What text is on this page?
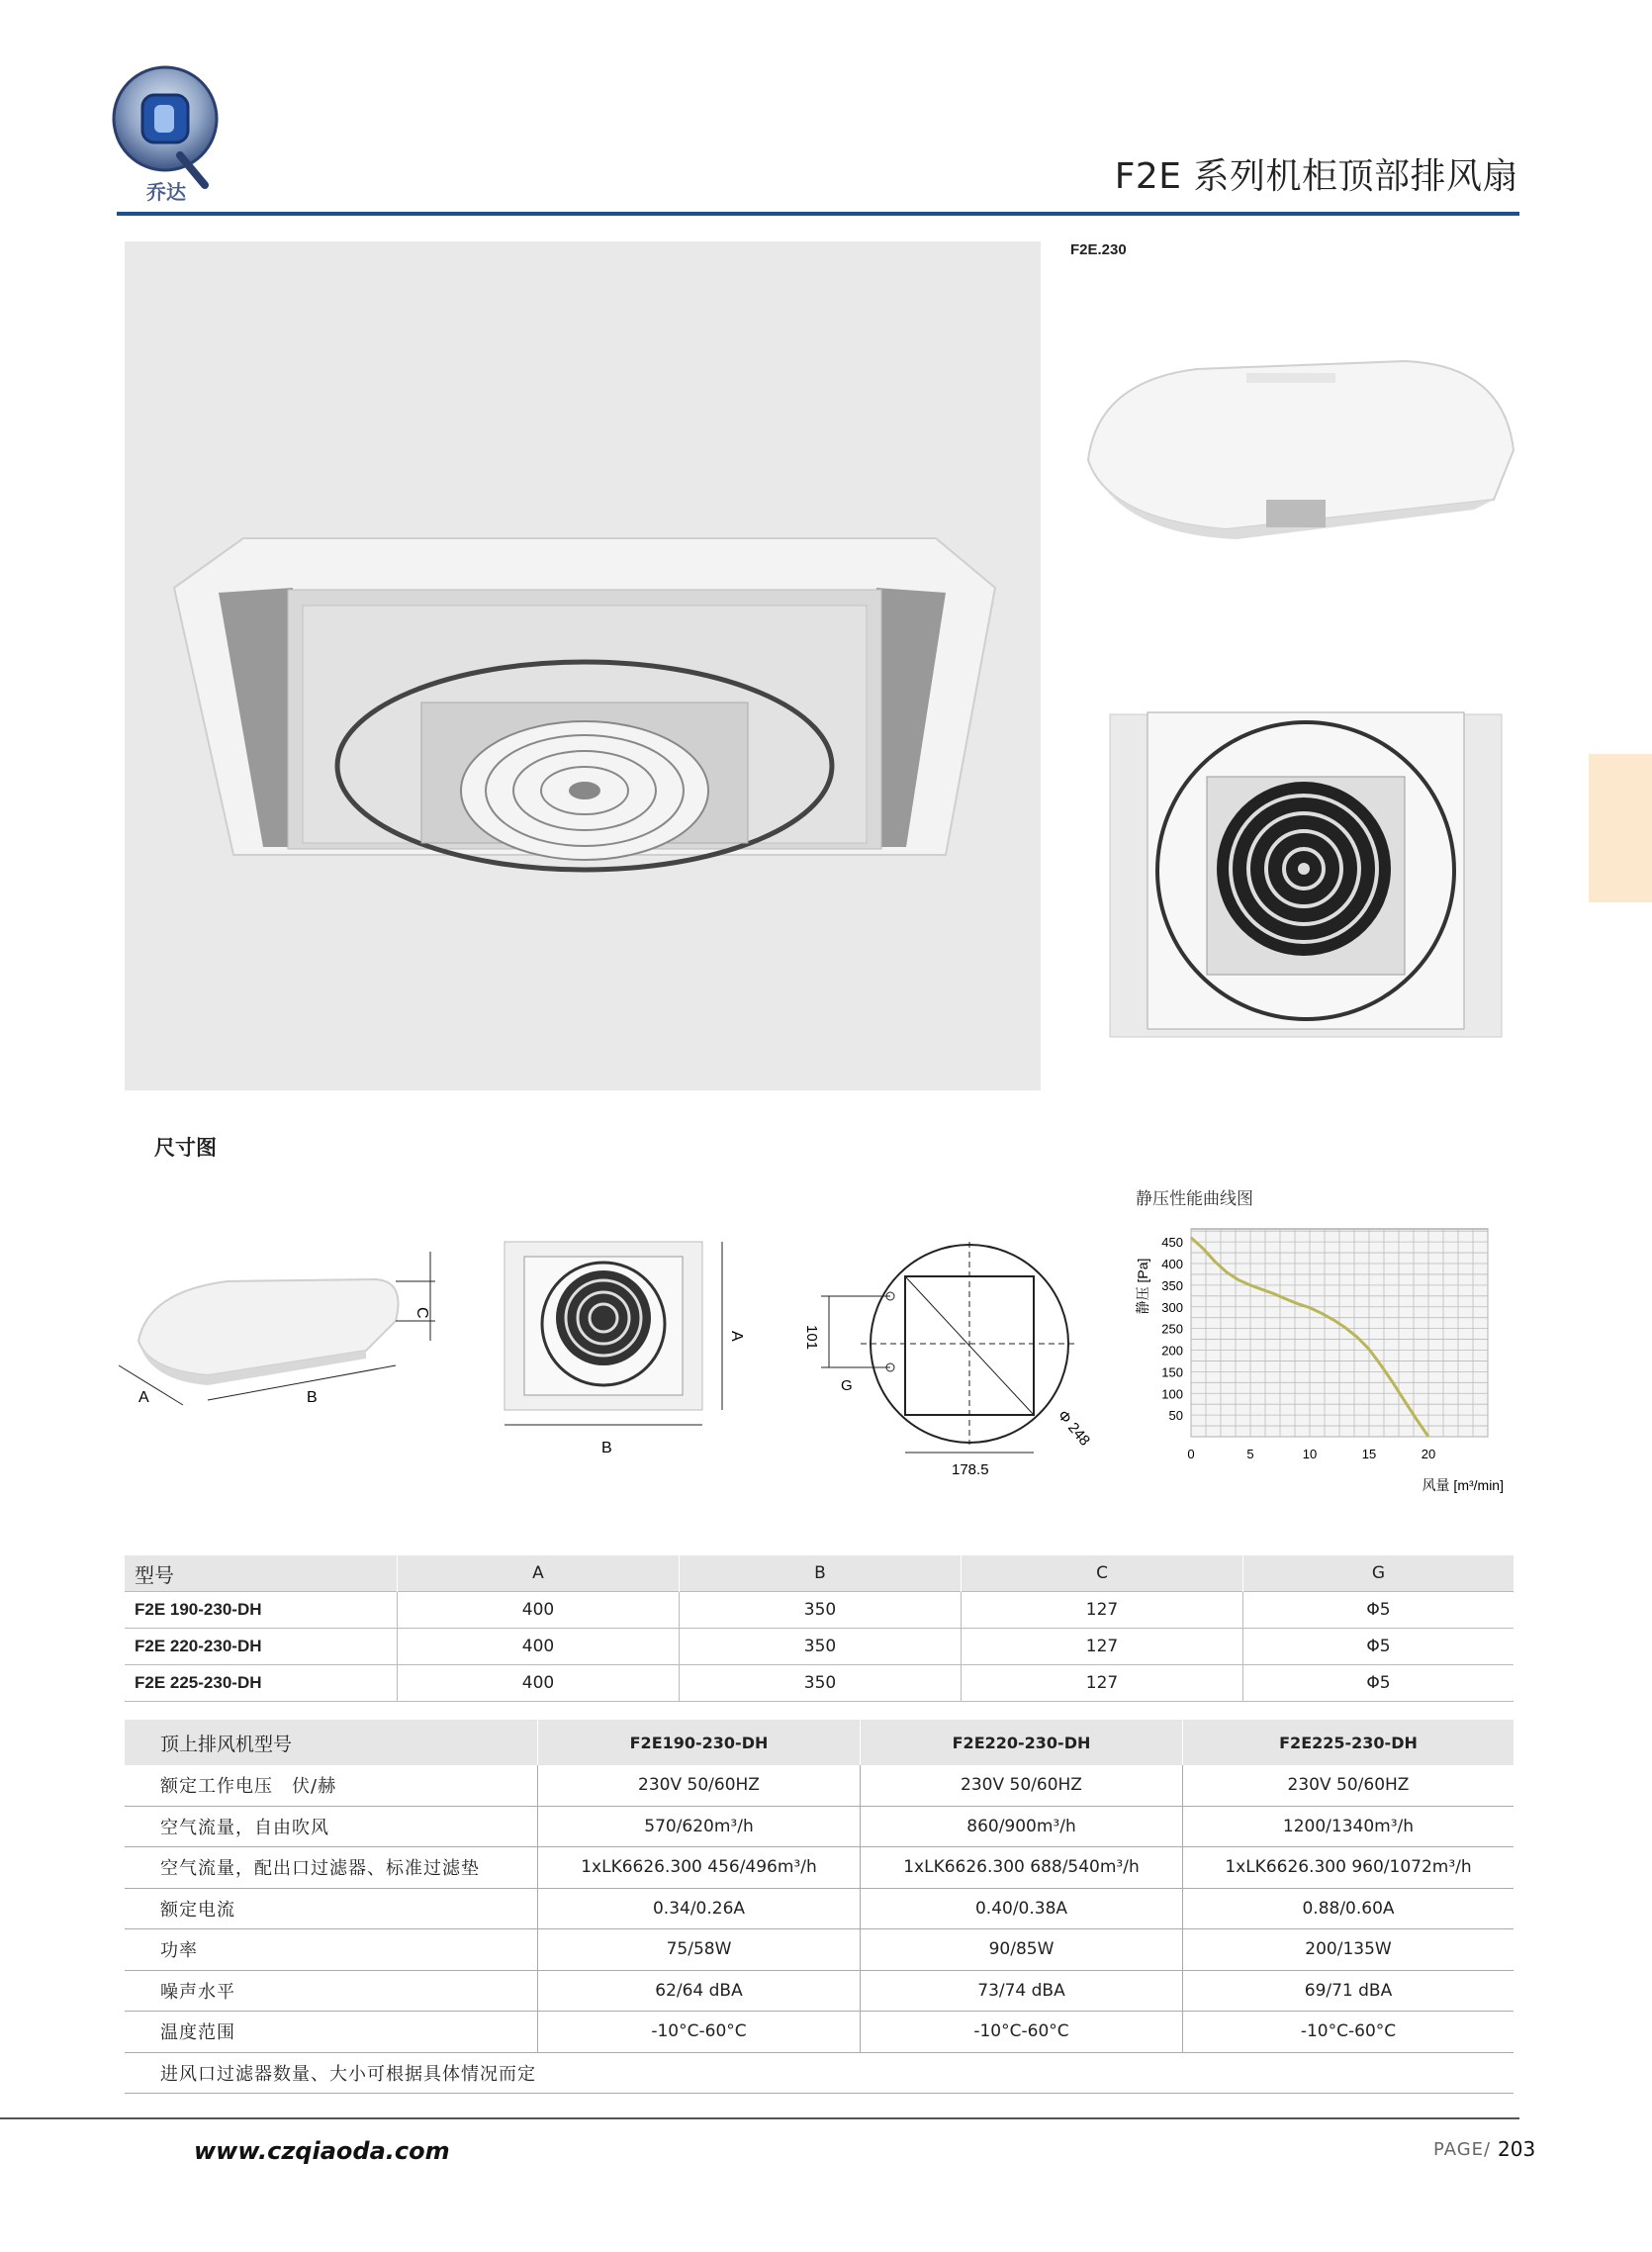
乔达	F2E 系列机柜顶部排风扇
F2E.230
尺寸图
C
A	B
B
A	101
G
178.5
Φ 248
静压性能曲线图
50
100
150
200
250
300
350
400
450
0	5	10	15	20
静压 [Pa]
风量 [m³/min]
型号	A	B	C	G
F2E 190-230-DH	400	350	127	Φ5
F2E 220-230-DH	400	350	127	Φ5
F2E 225-230-DH	400	350	127	Φ5
顶上排风机型号	F2E190-230-DH	F2E220-230-DH	F2E225-230-DH
额定工作电压　伏/赫	230V 50/60HZ	230V 50/60HZ	230V 50/60HZ
空气流量，自由吹风	570/620m³/h	860/900m³/h	1200/1340m³/h
空气流量，配出口过滤器、标准过滤垫	1xLK6626.300 456/496m³/h	1xLK6626.300 688/540m³/h	1xLK6626.300 960/1072m³/h
额定电流	0.34/0.26A	0.40/0.38A	0.88/0.60A
功率	75/58W	90/85W	200/135W
噪声水平	62/64 dBA	73/74 dBA	69/71 dBA
温度范围	-10°C-60°C	-10°C-60°C	-10°C-60°C
进风口过滤器数量、大小可根据具体情况而定			
www.czqiaoda.com	PAGE/ 203
